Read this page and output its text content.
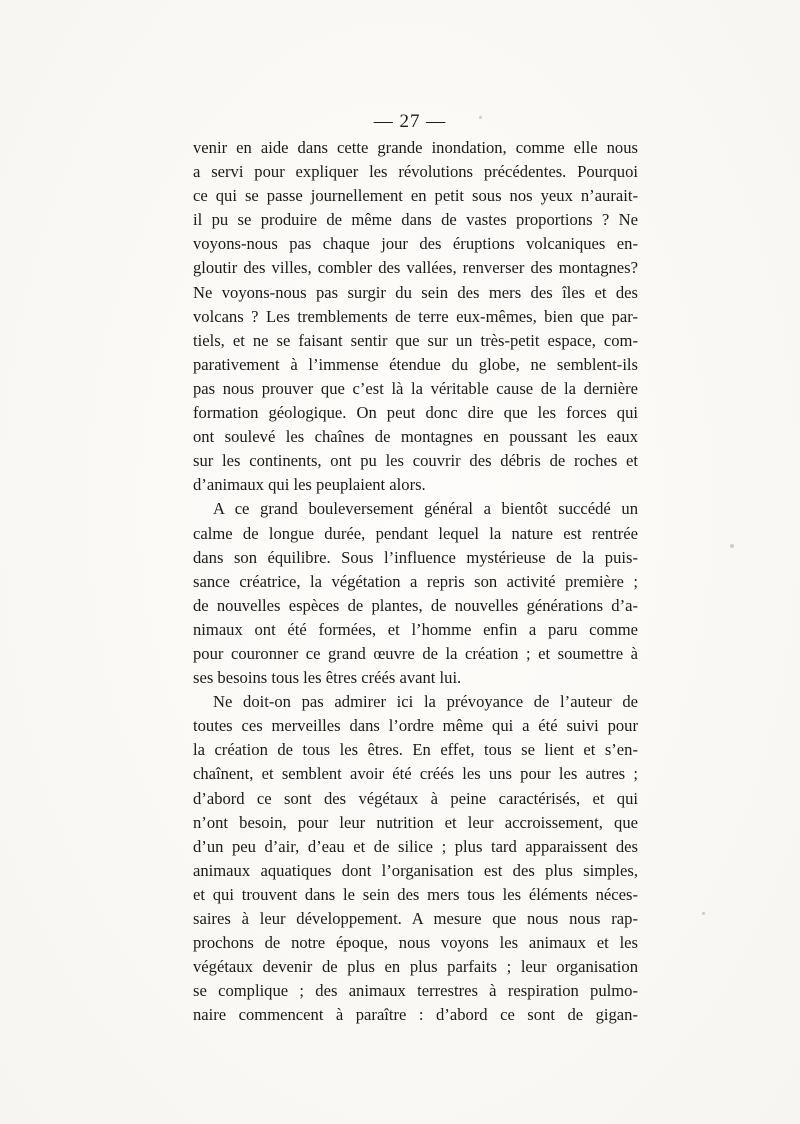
— 27 —
venir en aide dans cette grande inondation, comme elle nous
a servi pour expliquer les révolutions précédentes. Pourquoi
ce qui se passe journellement en petit sous nos yeux n’aurait-
il pu se produire de même dans de vastes proportions ? Ne
voyons-nous pas chaque jour des éruptions volcaniques en-
gloutir des villes, combler des vallées, renverser des montagnes?
Ne voyons-nous pas surgir du sein des mers des îles et des
volcans ? Les tremblements de terre eux-mêmes, bien que par-
tiels, et ne se faisant sentir que sur un très-petit espace, com-
parativement à l’immense étendue du globe, ne semblent-ils
pas nous prouver que c’est là la véritable cause de la dernière
formation géologique. On peut donc dire que les forces qui
ont soulevé les chaînes de montagnes en poussant les eaux
sur les continents, ont pu les couvrir des débris de roches et
d’animaux qui les peuplaient alors.
A ce grand bouleversement général a bientôt succédé un
calme de longue durée, pendant lequel la nature est rentrée
dans son équilibre. Sous l’influence mystérieuse de la puis-
sance créatrice, la végétation a repris son activité première ;
de nouvelles espèces de plantes, de nouvelles générations d’a-
nimaux ont été formées, et l’homme enfin a paru comme
pour couronner ce grand œuvre de la création ; et soumettre à
ses besoins tous les êtres créés avant lui.
Ne doit-on pas admirer ici la prévoyance de l’auteur de
toutes ces merveilles dans l’ordre même qui a été suivi pour
la création de tous les êtres. En effet, tous se lient et s’en-
chaînent, et semblent avoir été créés les uns pour les autres ;
d’abord ce sont des végétaux à peine caractérisés, et qui
n’ont besoin, pour leur nutrition et leur accroissement, que
d’un peu d’air, d’eau et de silice ; plus tard apparaissent des
animaux aquatiques dont l’organisation est des plus simples,
et qui trouvent dans le sein des mers tous les éléments néces-
saires à leur développement. A mesure que nous nous rap-
prochons de notre époque, nous voyons les animaux et les
végétaux devenir de plus en plus parfaits ; leur organisation
se complique ; des animaux terrestres à respiration pulmo-
naire commencent à paraître : d’abord ce sont de gigan-
